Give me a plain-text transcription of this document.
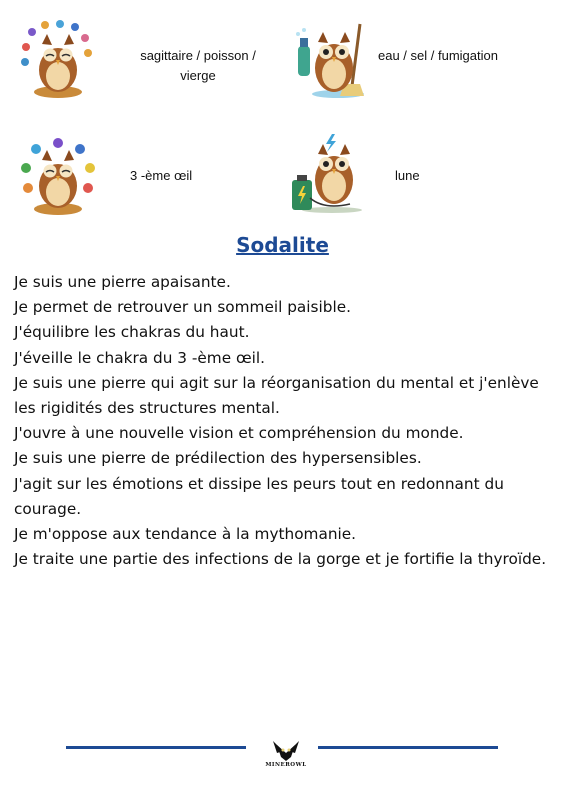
sagittaire / poisson / vierge
eau / sel / fumigation
3 -ème œil	lune
Sodalite

Je suis une pierre apaisante.

Je permet de retrouver un sommeil paisible.

J'équilibre les chakras du haut.

J'éveille le chakra du 3 -ème œil.

Je suis une pierre qui agit sur la réorganisation du mental et j'enlève les rigidités des structures mental.

J'ouvre à une nouvelle vision et compréhension du monde.

Je suis une pierre de prédilection des hypersensibles.

J'agit sur les émotions et dissipe les peurs tout en redonnant du courage.

Je m'oppose aux tendance à la mythomanie.

Je traite une partie des infections de la gorge et je fortifie la thyroïde.

MINEROWL
